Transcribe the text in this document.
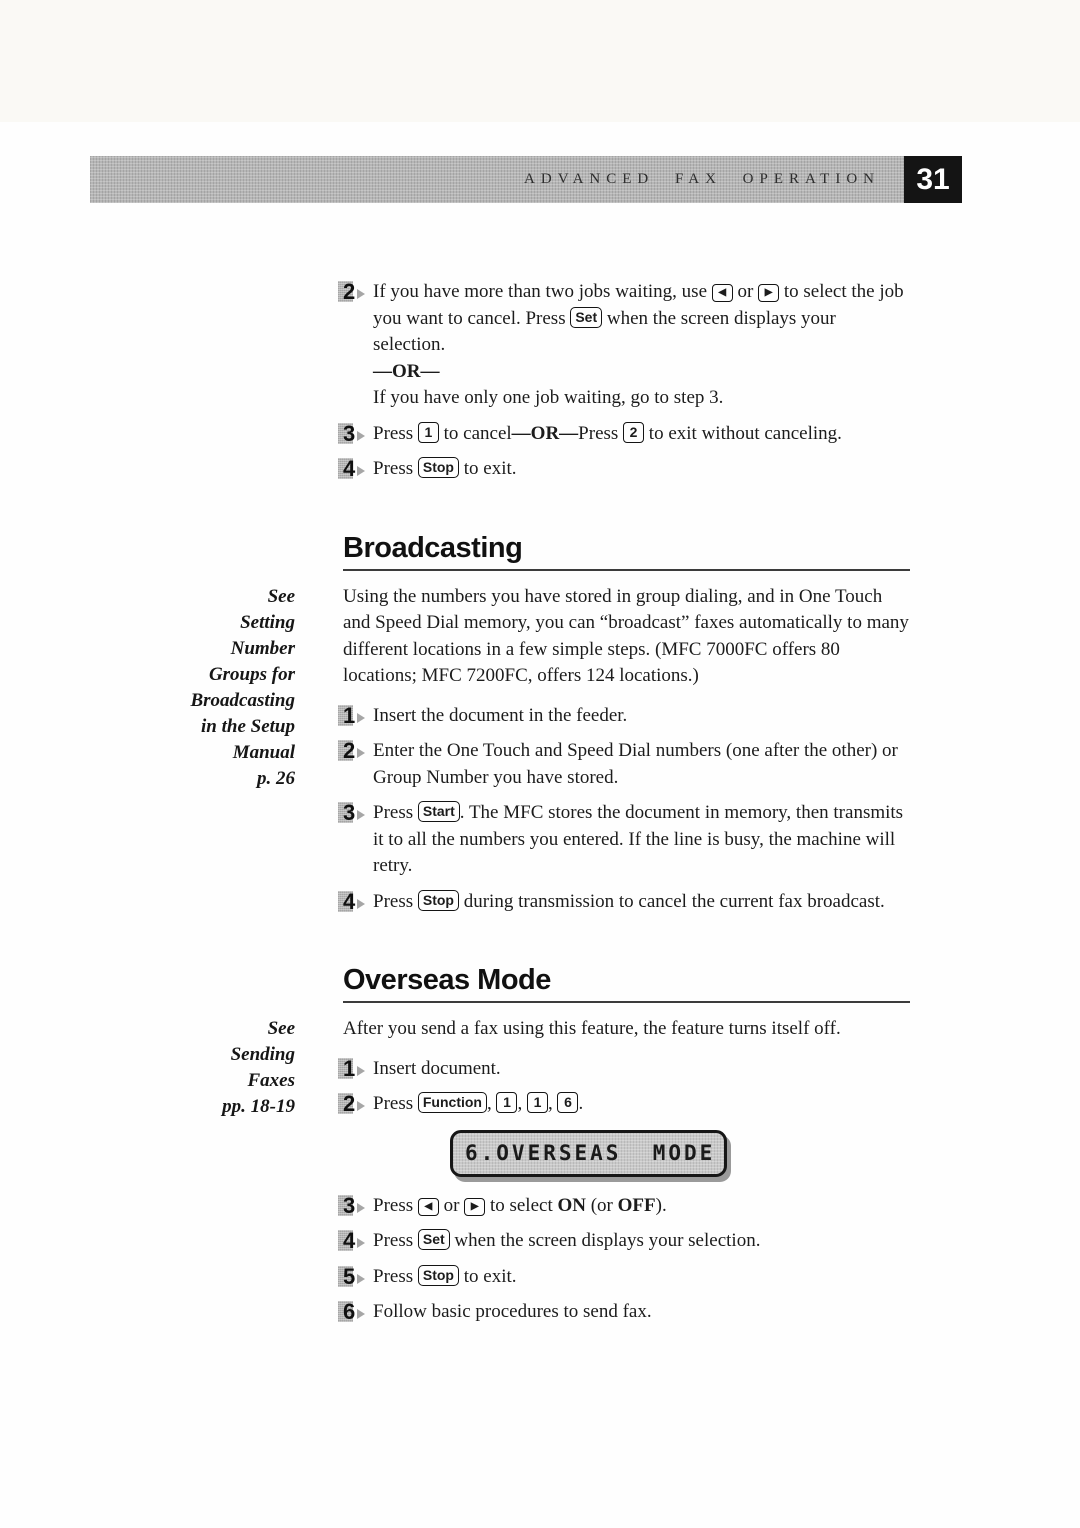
ADVANCED FAX OPERATION	31
2 If you have more than two jobs waiting, use ◀ or ▶ to select the job you want to cancel. Press Set when the screen displays your selection.
—OR—
If you have only one job waiting, go to step 3.
3 Press 1 to cancel—OR—Press 2 to exit without canceling.
4 Press Stop to exit.
Broadcasting
See
Setting
Number
Groups for
Broadcasting
in the Setup
Manual
p. 26

Using the numbers you have stored in group dialing, and in One Touch and Speed Dial memory, you can “broadcast” faxes automatically to many different locations in a few simple steps. (MFC 7000FC offers 80 locations; MFC 7200FC, offers 124 locations.)

1 Insert the document in the feeder.
2 Enter the One Touch and Speed Dial numbers (one after the other) or Group Number you have stored.
3 Press Start . The MFC stores the document in memory, then transmits it to all the numbers you entered. If the line is busy, the machine will retry.
4 Press Stop during transmission to cancel the current fax broadcast.
Overseas Mode
See
Sending
Faxes
pp. 18-19

After you send a fax using this feature, the feature turns itself off.

1 Insert document.
2 Press Function , 1 , 1 , 6 .
6.OVERSEAS  MODE
3 Press ◀ or ▶ to select ON (or OFF).
4 Press Set when the screen displays your selection.
5 Press Stop to exit.
6 Follow basic procedures to send fax.
